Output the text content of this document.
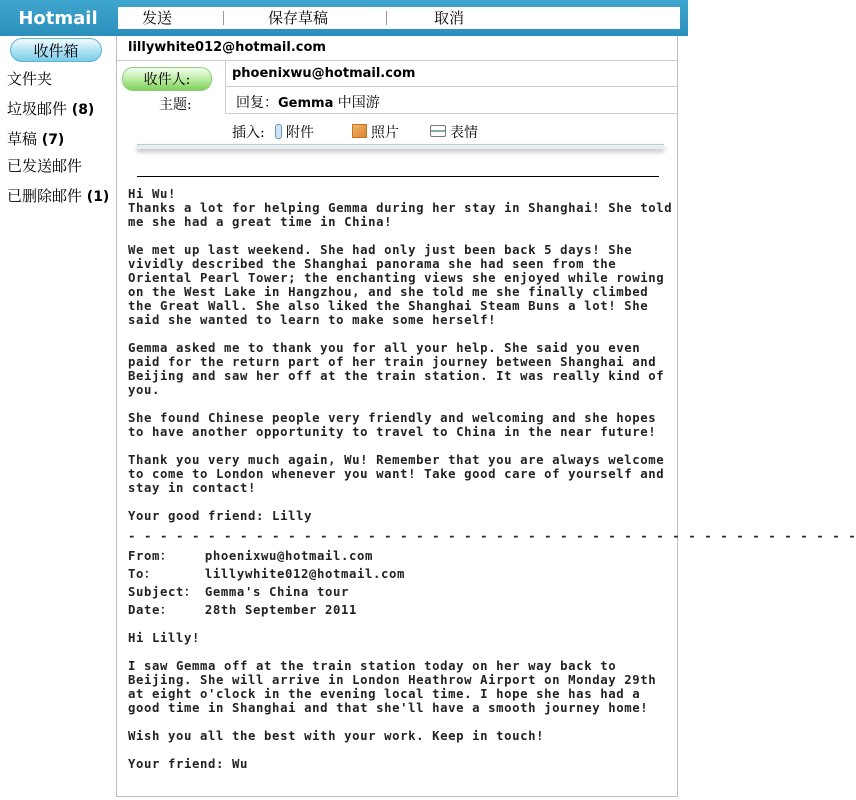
Hotmail
收件箱
文件夹
垃圾邮件 (8)
草稿 (7)
已发送邮件
已删除邮件 (1)
发送	保存草稿	取消
lillywhite012@hotmail.com
收件人:	phoenixwu@hotmail.com
主题:	回复：Gemma 中国游
插入:	附件	照片	表情

Hi Wu!

Thanks a lot for helping Gemma during her stay in Shanghai! She told me she had a great time in China!

We met up last weekend. She had only just been back 5 days! She vividly described the Shanghai panorama she had seen from the Oriental Pearl Tower; the enchanting views she enjoyed while rowing on the West Lake in Hangzhou, and she told me she finally climbed the Great Wall. She also liked the Shanghai Steam Buns a lot! She said she wanted to learn to make some herself!

Gemma asked me to thank you for all your help. She said you even paid for the return part of her train journey between Shanghai and Beijing and saw her off at the train station. It was really kind of you.

She found Chinese people very friendly and welcoming and she hopes to have another opportunity to travel to China in the near future!

Thank you very much again, Wu! Remember that you are always welcome to come to London whenever you want! Take good care of yourself and stay in contact!

Your good friend: Lilly

- - - - - - - - - - - - - - - - - - - - - - - - - - - - - - - - - - - - - - - - - - - - - -

From：    phoenixwu@hotmail.com

To：      lillywhite012@hotmail.com

Subject： Gemma's China tour

Date：    28th September 2011

Hi Lilly!

I saw Gemma off at the train station today on her way back to Beijing. She will arrive in London Heathrow Airport on Monday 29th at eight o'clock in the evening local time. I hope she has had a good time in Shanghai and that she'll have a smooth journey home!

Wish you all the best with your work. Keep in touch!

Your friend: Wu
